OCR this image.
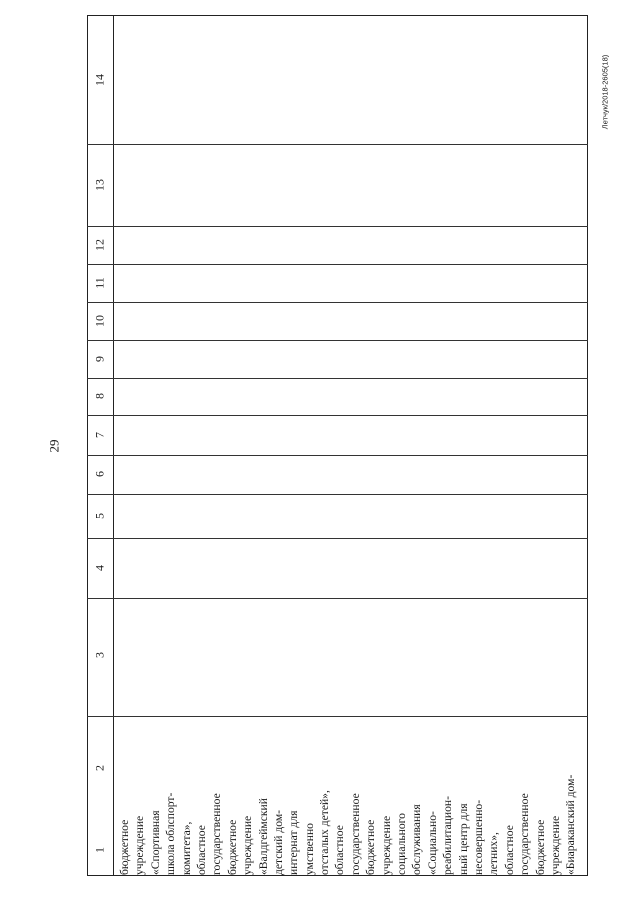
29
Летчук/2018-2605(18)
1
2
3
4
5
6
7
8
9
10
11
12
13
14
бюджетное учреждение «Спортивная школа облспорт- комитета», областное государственное бюджетное учреждение «Валдгеймский детский дом- интернат для умственно отсталых детей», областное государственное бюджетное учреждение социального обслуживания «Социально- реабилитацион- ный центр для несовершенно- летних», областное государственное бюджетное учреждение «Биараканский дом-
